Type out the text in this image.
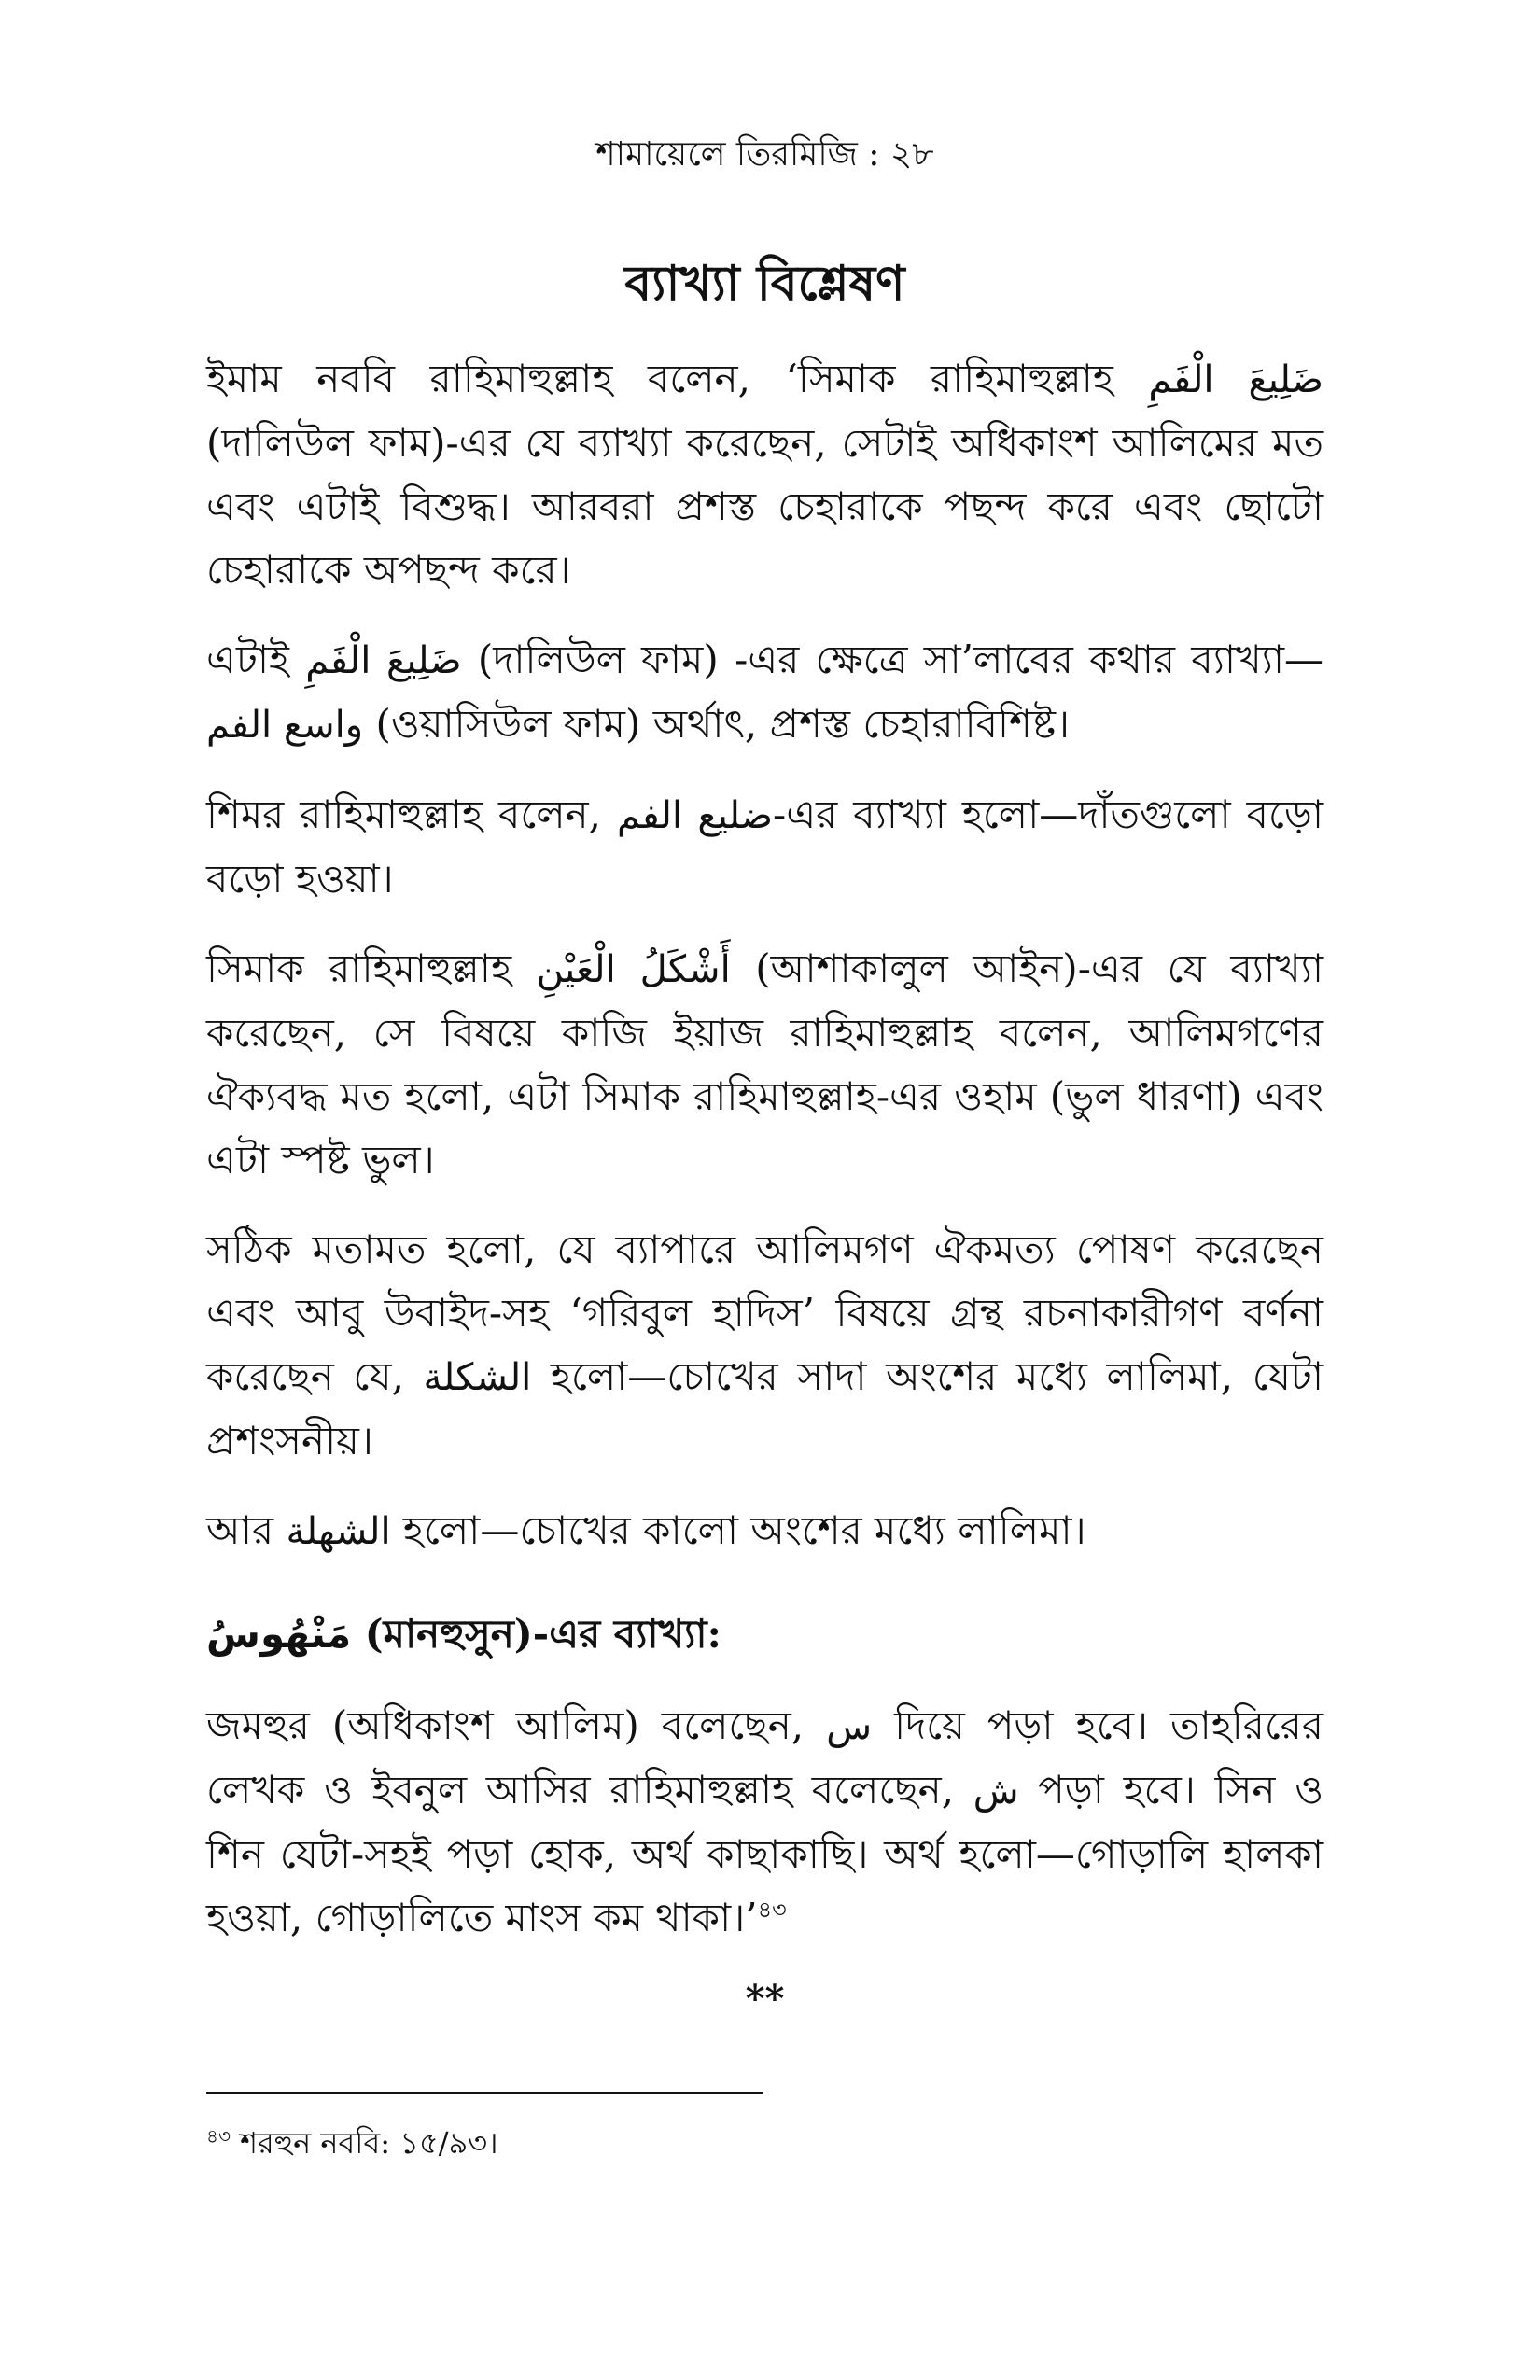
শামায়েলে তিরমিজি : ২৮
ব্যাখ্যা বিশ্লেষণ

ইমাম নববি রাহিমাহুল্লাহ বলেন, ‘সিমাক রাহিমাহুল্লাহ ضَلِيعَ الْفَمِ (দালিউল ফাম)-এর যে ব্যাখ্যা করেছেন, সেটাই অধিকাংশ আলিমের মত এবং এটাই বিশুদ্ধ। আরবরা প্রশস্ত চেহারাকে পছন্দ করে এবং ছোটো চেহারাকে অপছন্দ করে।

এটাই ضَلِيعَ الْفَمِ (দালিউল ফাম) -এর ক্ষেত্রে সা’লাবের কথার ব্যাখ্যা— واسع الفم (ওয়াসিউল ফাম) অর্থাৎ, প্রশস্ত চেহারাবিশিষ্ট।

শিমর রাহিমাহুল্লাহ বলেন, ضليع الفم-এর ব্যাখ্যা হলো—দাঁতগুলো বড়ো বড়ো হওয়া।

সিমাক রাহিমাহুল্লাহ أَشْكَلُ الْعَيْنِ (আশাকালুল আইন)-এর যে ব্যাখ্যা করেছেন, সে বিষয়ে কাজি ইয়াজ রাহিমাহুল্লাহ বলেন, আলিমগণের ঐক্যবদ্ধ মত হলো, এটা সিমাক রাহিমাহুল্লাহ-এর ওহাম (ভুল ধারণা) এবং এটা স্পষ্ট ভুল।

সঠিক মতামত হলো, যে ব্যাপারে আলিমগণ ঐকমত্য পোষণ করেছেন এবং আবু উবাইদ-সহ ‘গরিবুল হাদিস’ বিষয়ে গ্রন্থ রচনাকারীগণ বর্ণনা করেছেন যে, الشكلة হলো—চোখের সাদা অংশের মধ্যে লালিমা, যেটা প্রশংসনীয়।

আর الشهلة হলো—চোখের কালো অংশের মধ্যে লালিমা।

مَنْهُوسُ (মানহুসুন)-এর ব্যাখ্যা:

জমহুর (অধিকাংশ আলিম) বলেছেন, س দিয়ে পড়া হবে। তাহরিরের লেখক ও ইবনুল আসির রাহিমাহুল্লাহ বলেছেন, ش পড়া হবে। সিন ও শিন যেটা-সহই পড়া হোক, অর্থ কাছাকাছি। অর্থ হলো—গোড়ালি হালকা হওয়া, গোড়ালিতে মাংস কম থাকা।’$^{৪৩}$

**

$^{৪৩}$ শরহুন নববি: ১৫/৯৩।
